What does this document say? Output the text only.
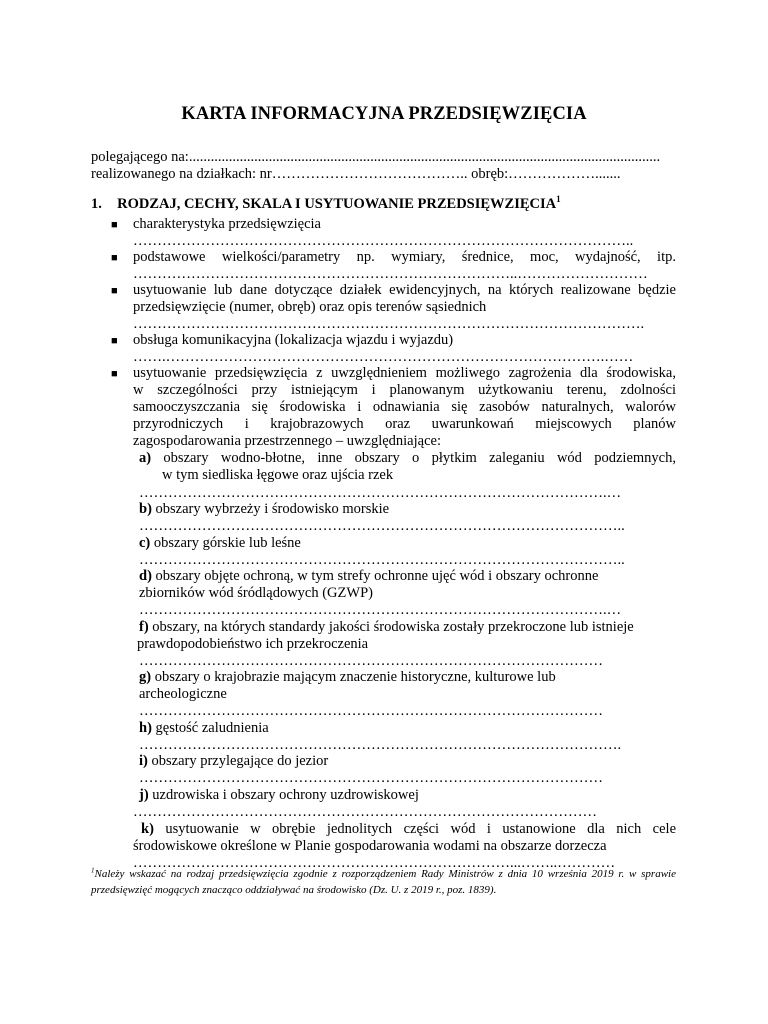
KARTA INFORMACYJNA PRZEDSIĘWZIĘCIA
polegającego na:..................................................................................................................................
realizowanego na działkach: nr………………………………….. obręb:……………….......
1. RODZAJ, CECHY, SKALA I USYTUOWANIE PRZEDSIĘWZIĘCIA$^1$
■ charakterystyka przedsięwzięcia
…………………………………………………………………………………………..
■ podstawowe wielkości/parametry np. wymiary, średnice, moc, wydajność, itp.
……………………………………………………………………..………………………
■ usytuowanie lub dane dotyczące działek ewidencyjnych, na których realizowane będzie
przedsięwzięcie (numer, obręb) oraz opis terenów sąsiednich
…………………………………………………………………………………………….
■ obsługa komunikacyjna (lokalizacja wjazdu i wyjazdu)
…….……………………………………………………………………………….……
■ usytuowanie przedsięwzięcia z uwzględnieniem możliwego zagrożenia dla środowiska,
w szczególności przy istniejącym i planowanym użytkowaniu terenu, zdolności
samooczyszczania się środowiska i odnawiania się zasobów naturalnych, walorów
przyrodniczych i krajobrazowych oraz uwarunkowań miejscowych planów
zagospodarowania przestrzennego – uwzględniające:
a) obszary wodno-błotne, inne obszary o płytkim zaleganiu wód podziemnych,
w tym siedliska łęgowe oraz ujścia rzek
…………………………………………………………………………………….…
b) obszary wybrzeży i środowisko morskie
………………………………………………………………………………………..
c) obszary górskie lub leśne
………………………………………………………………………………………..
d) obszary objęte ochroną, w tym strefy ochronne ujęć wód i obszary ochronne
zbiorników wód śródlądowych (GZWP)
…………………………………………………………………………………….…
f) obszary, na których standardy jakości środowiska zostały przekroczone lub istnieje
prawdopodobieństwo ich przekroczenia
……………………………………………………………………………………
g) obszary o krajobrazie mającym znaczenie historyczne, kulturowe lub
archeologiczne
……………………………………………………………………………………
h) gęstość zaludnienia
……………………………………………………………………………………….
i) obszary przylegające do jezior
……………………………………………………………………………………
j) uzdrowiska i obszary ochrony uzdrowiskowej
……………………………………………………………………………………
k) usytuowanie w obrębie jednolitych części wód i ustanowione dla nich cele
środowiskowe określone w Planie gospodarowania wodami na obszarze dorzecza
……………………………………………………………………...……..…………
$^1$Należy wskazać na rodzaj przedsięwzięcia zgodnie z rozporządzeniem Rady Ministrów z dnia 10 września 2019 r. w sprawie przedsięwzięć mogących znacząco oddziaływać na środowisko (Dz. U. z 2019 r., poz. 1839).
